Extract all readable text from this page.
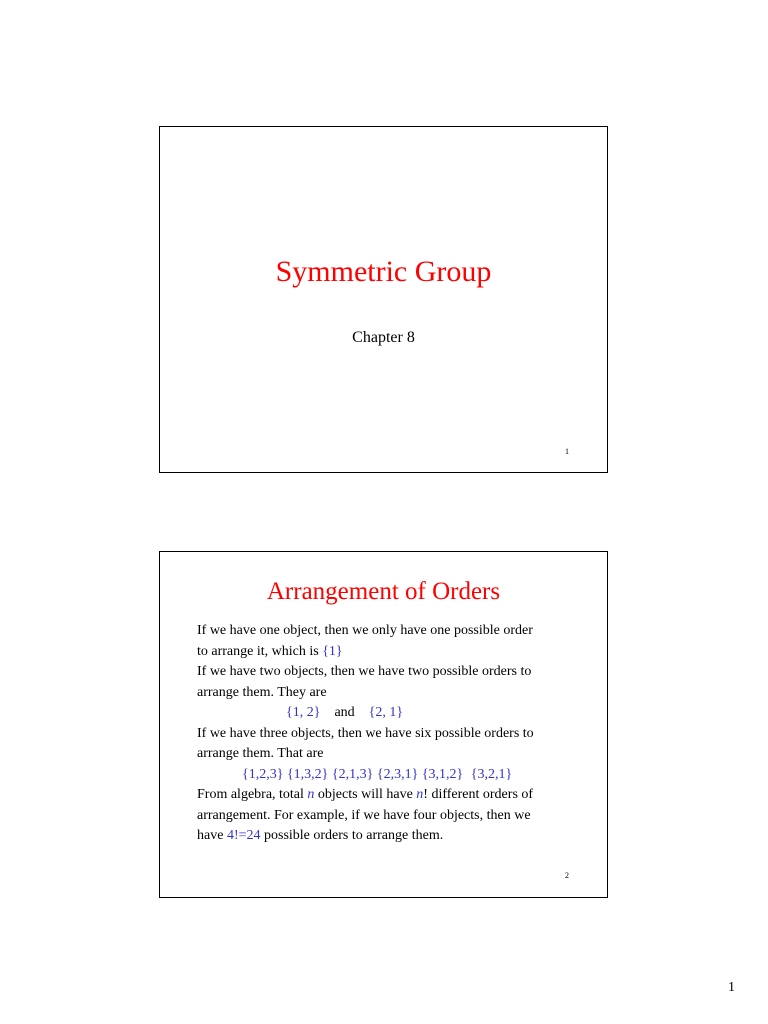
Symmetric Group
Chapter 8
1
Arrangement of Orders
If we have one object, then we only have one possible order
to arrange it, which is {1}
If we have two objects, then we have two possible orders to
arrange them. They are
{1, 2} and {2, 1}
If we have three objects, then we have six possible orders to
arrange them. That are
{1,2,3} {1,3,2} {2,1,3} {2,3,1} {3,1,2} {3,2,1}
From algebra, total n objects will have n! different orders of
arrangement. For example, if we have four objects, then we
have 4!=24 possible orders to arrange them.
2
1
